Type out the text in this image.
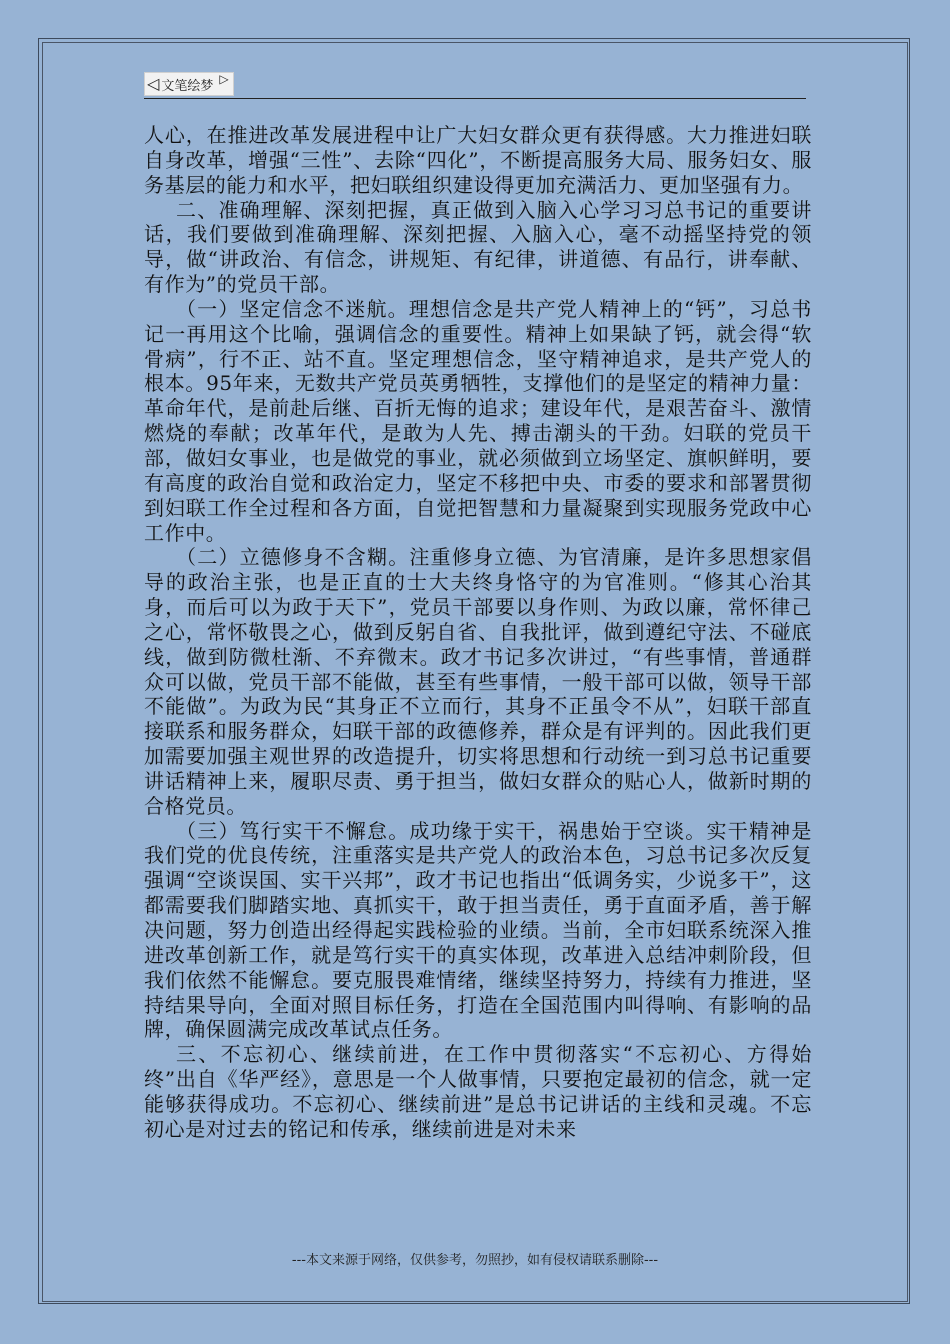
◁ 文笔绘梦 ▷

人心，在推进改革发展进程中让广大妇女群众更有获得感。大力推进妇联自身改革，增强“三性”、去除“四化”，不断提高服务大局、服务妇女、服务基层的能力和水平，把妇联组织建设得更加充满活力、更加坚强有力。

二、准确理解、深刻把握，真正做到入脑入心学习习总书记的重要讲话，我们要做到准确理解、深刻把握、入脑入心，毫不动摇坚持党的领导，做“讲政治、有信念，讲规矩、有纪律，讲道德、有品行，讲奉献、有作为”的党员干部。

（一）坚定信念不迷航。理想信念是共产党人精神上的“钙”，习总书记一再用这个比喻，强调信念的重要性。精神上如果缺了钙，就会得“软骨病”，行不正、站不直。坚定理想信念，坚守精神追求，是共产党人的根本。95年来，无数共产党员英勇牺牲，支撑他们的是坚定的精神力量：革命年代，是前赴后继、百折无悔的追求；建设年代，是艰苦奋斗、激情燃烧的奉献；改革年代，是敢为人先、搏击潮头的干劲。妇联的党员干部，做妇女事业，也是做党的事业，就必须做到立场坚定、旗帜鲜明，要有高度的政治自觉和政治定力，坚定不移把中央、市委的要求和部署贯彻到妇联工作全过程和各方面，自觉把智慧和力量凝聚到实现服务党政中心工作中。

（二）立德修身不含糊。注重修身立德、为官清廉，是许多思想家倡导的政治主张，也是正直的士大夫终身恪守的为官准则。“修其心治其身，而后可以为政于天下”，党员干部要以身作则、为政以廉，常怀律己之心，常怀敬畏之心，做到反躬自省、自我批评，做到遵纪守法、不碰底线，做到防微杜渐、不弃微末。政才书记多次讲过，“有些事情，普通群众可以做，党员干部不能做，甚至有些事情，一般干部可以做，领导干部不能做”。为政为民“其身正不立而行，其身不正虽令不从”，妇联干部直接联系和服务群众，妇联干部的政德修养，群众是有评判的。因此我们更加需要加强主观世界的改造提升，切实将思想和行动统一到习总书记重要讲话精神上来，履职尽责、勇于担当，做妇女群众的贴心人，做新时期的合格党员。

（三）笃行实干不懈怠。成功缘于实干，祸患始于空谈。实干精神是我们党的优良传统，注重落实是共产党人的政治本色，习总书记多次反复强调“空谈误国、实干兴邦”，政才书记也指出“低调务实，少说多干”，这都需要我们脚踏实地、真抓实干，敢于担当责任，勇于直面矛盾，善于解决问题，努力创造出经得起实践检验的业绩。当前，全市妇联系统深入推进改革创新工作，就是笃行实干的真实体现，改革进入总结冲刺阶段，但我们依然不能懈怠。要克服畏难情绪，继续坚持努力，持续有力推进，坚持结果导向，全面对照目标任务，打造在全国范围内叫得响、有影响的品牌，确保圆满完成改革试点任务。

三、不忘初心、继续前进，在工作中贯彻落实“不忘初心、方得始终”出自《华严经》，意思是一个人做事情，只要抱定最初的信念，就一定能够获得成功。不忘初心、继续前进”是总书记讲话的主线和灵魂。不忘初心是对过去的铭记和传承，继续前进是对未来

---本文来源于网络，仅供参考，勿照抄，如有侵权请联系删除---
